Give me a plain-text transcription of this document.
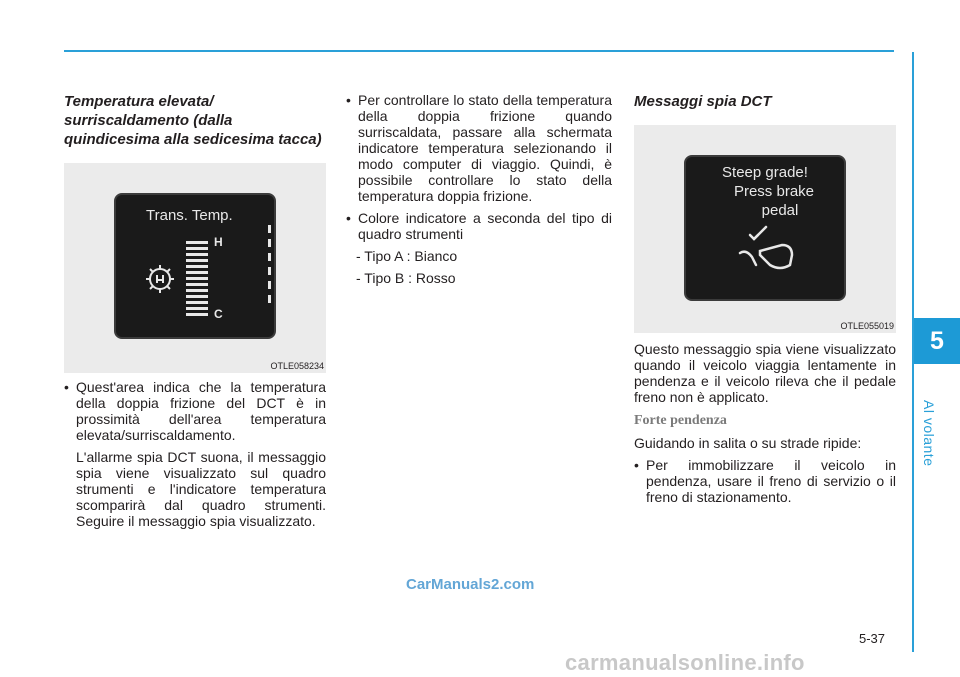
5
Al volante
Temperatura elevata/ surriscaldamento (dalla quindicesima alla sedicesima tacca)
Trans. Temp.
H
C
OTLE058234
• Quest'area indica che la temperatura della doppia frizione del DCT è in prossimità dell'area temperatura elevata/surriscaldamento.

L'allarme spia DCT suona, il messaggio spia viene visualizzato sul quadro strumenti e l'indicatore temperatura scomparirà dal quadro strumenti. Seguire il messaggio spia visualizzato.

• Per controllare lo stato della temperatura della doppia frizione quando surriscaldata, passare alla schermata indicatore temperatura selezionando il modo computer di viaggio. Quindi, è possibile controllare lo stato della temperatura doppia frizione.
• Colore indicatore a seconda del tipo di quadro strumenti
- Tipo A : Bianco
- Tipo B : Rosso
Messaggi spia DCT
Steep grade!
Press brake
pedal
OTLE055019

Questo messaggio spia viene visualizzato quando il veicolo viaggia lentamente in pendenza e il veicolo rileva che il pedale freno non è applicato.

Forte pendenza

Guidando in salita o su strade ripide:

• Per immobilizzare il veicolo in pendenza, usare il freno di servizio o il freno di stazionamento.
CarManuals2.com
5-37
carmanualsonline.info
